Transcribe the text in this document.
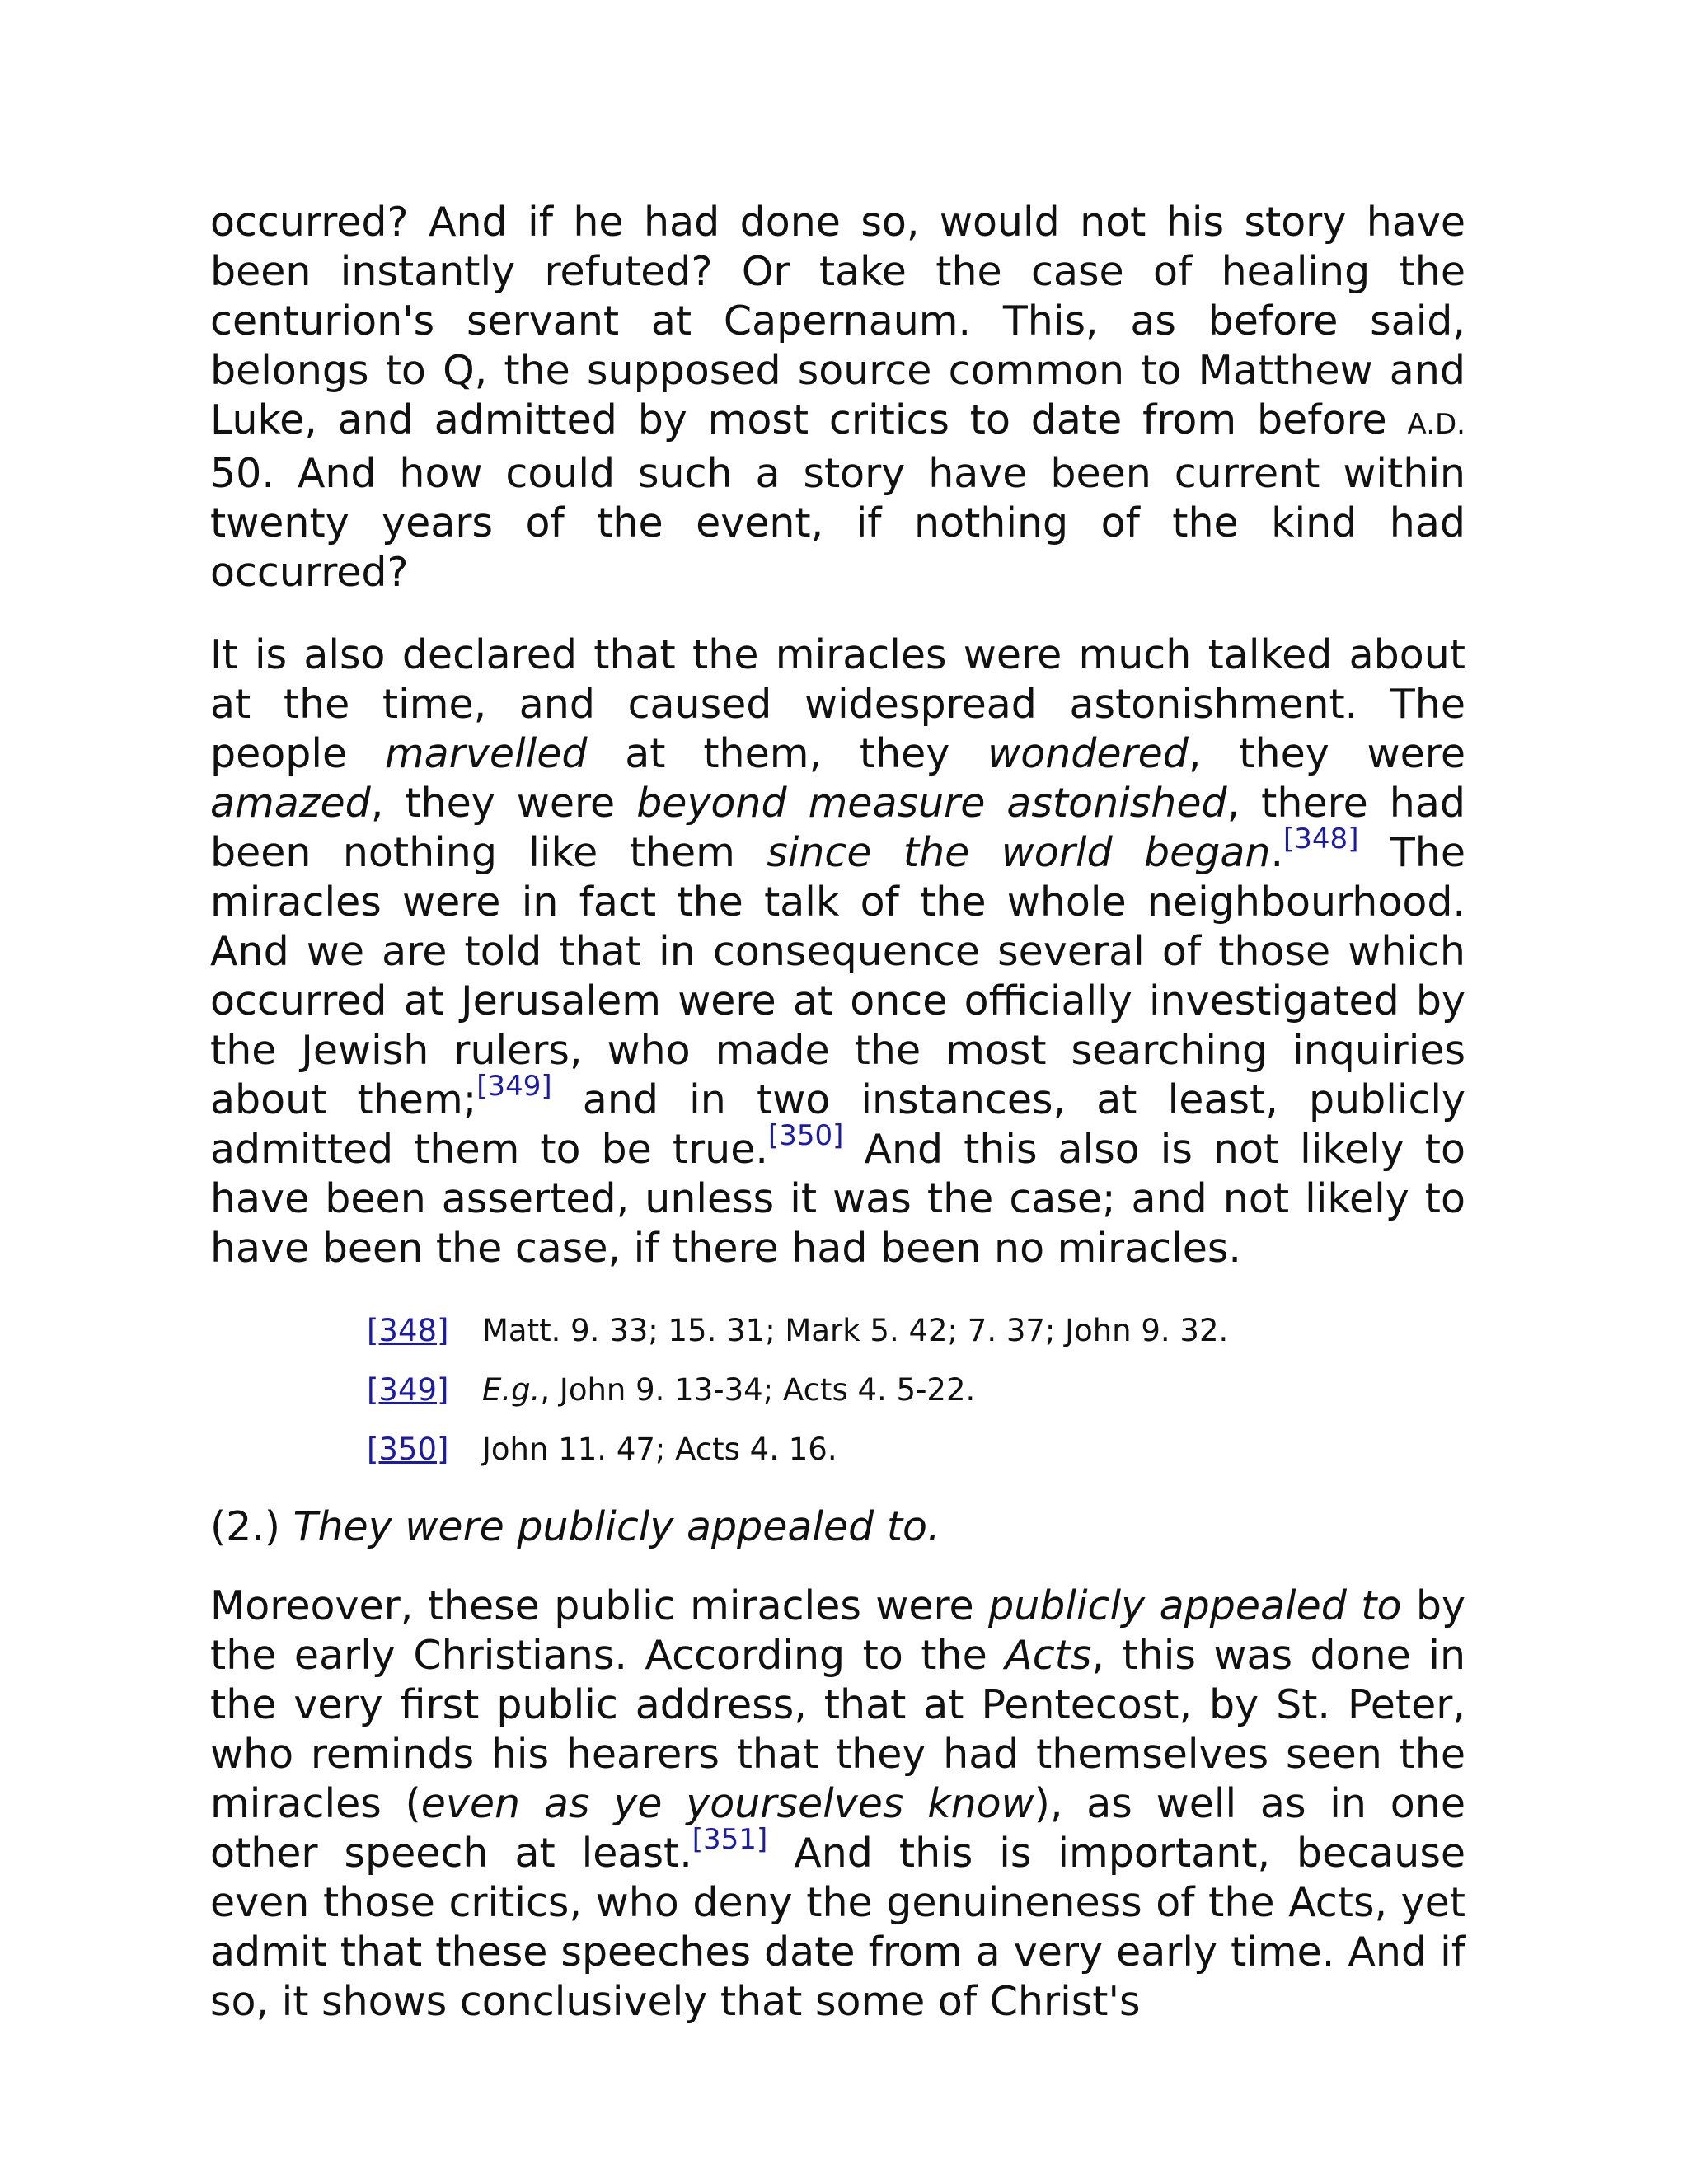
occurred? And if he had done so, would not his story have been instantly refuted? Or take the case of healing the centurion's servant at Capernaum. This, as before said, belongs to Q, the supposed source common to Matthew and Luke, and admitted by most critics to date from before A.D. 50. And how could such a story have been current within twenty years of the event, if nothing of the kind had occurred?

It is also declared that the miracles were much talked about at the time, and caused widespread astonishment. The people marvelled at them, they wondered, they were amazed, they were beyond measure astonished, there had been nothing like them since the world began.[348] The miracles were in fact the talk of the whole neighbourhood. And we are told that in consequence several of those which occurred at Jerusalem were at once officially investigated by the Jewish rulers, who made the most searching inquiries about them;[349] and in two instances, at least, publicly admitted them to be true.[350] And this also is not likely to have been asserted, unless it was the case; and not likely to have been the case, if there had been no miracles.

[348]	Matt. 9. 33; 15. 31; Mark 5. 42; 7. 37; John 9. 32.
[349]	E.g., John 9. 13-34; Acts 4. 5-22.
[350]	John 11. 47; Acts 4. 16.

(2.) They were publicly appealed to.

Moreover, these public miracles were publicly appealed to by the early Christians. According to the Acts, this was done in the very first public address, that at Pentecost, by St. Peter, who reminds his hearers that they had themselves seen the miracles (even as ye yourselves know), as well as in one other speech at least.[351] And this is important, because even those critics, who deny the genuineness of the Acts, yet admit that these speeches date from a very early time. And if so, it shows conclusively that some of Christ's
